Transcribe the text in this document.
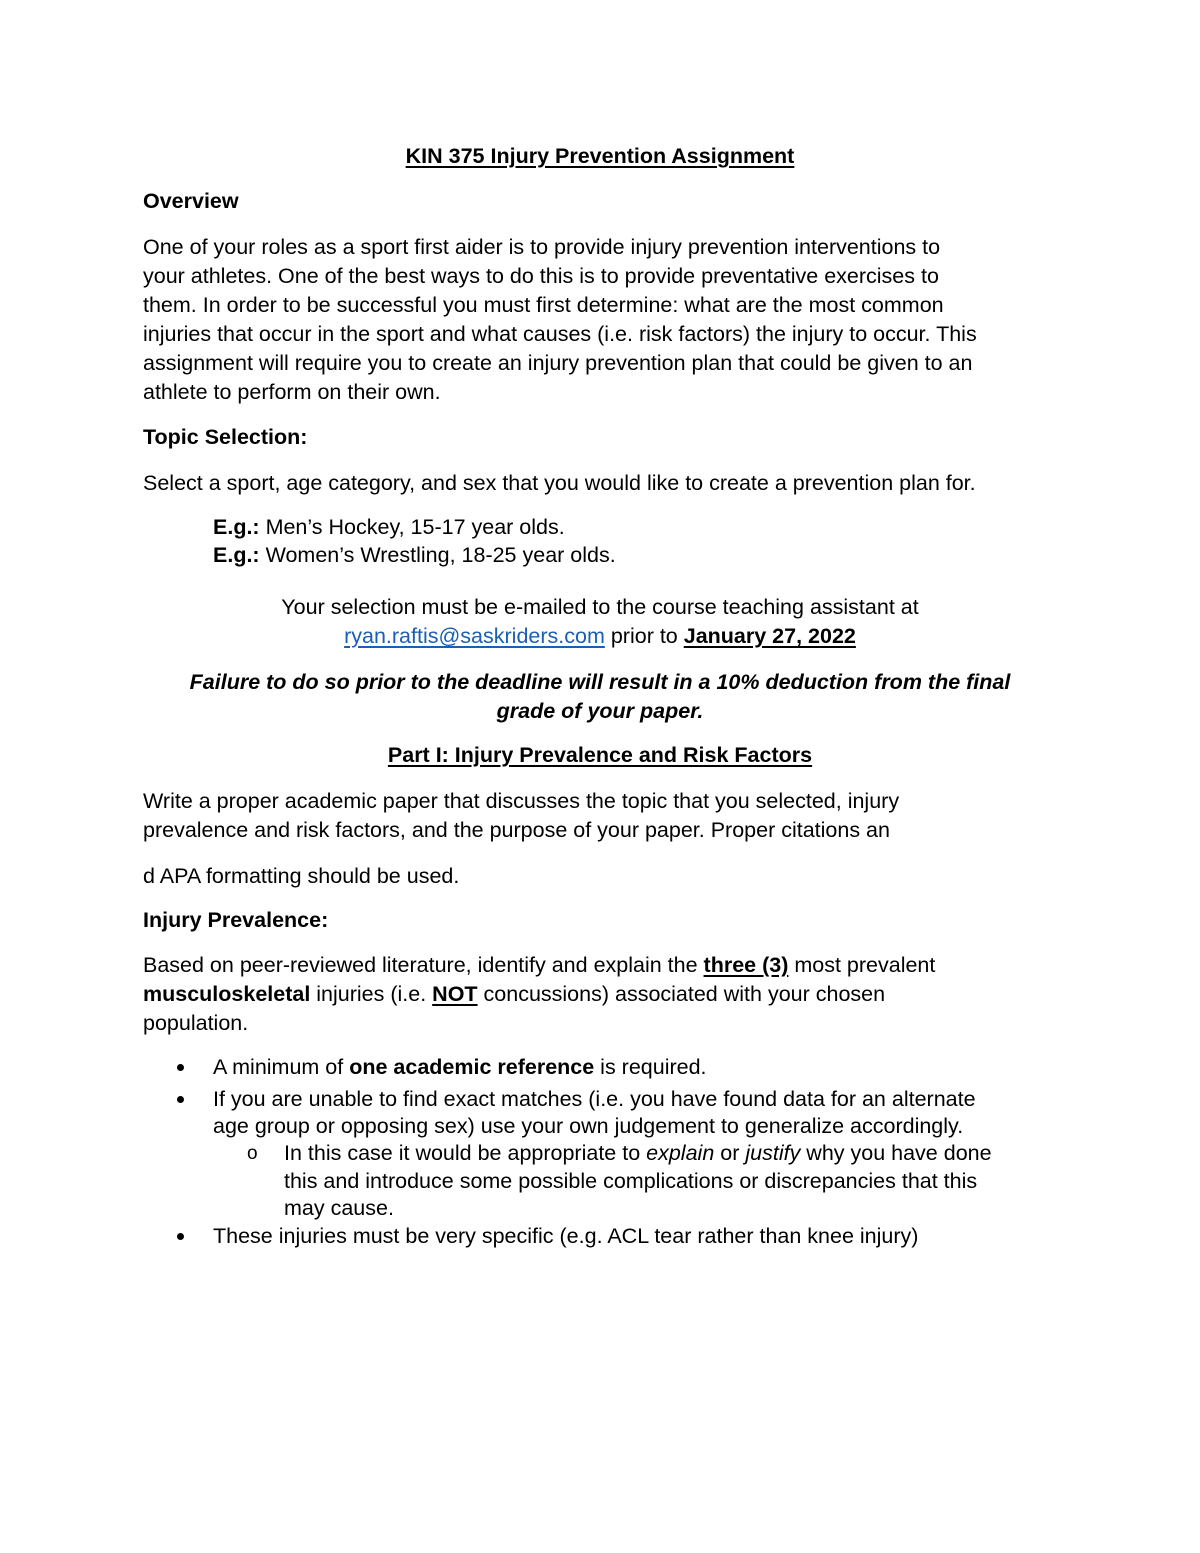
KIN 375 Injury Prevention Assignment
Overview
One of your roles as a sport first aider is to provide injury prevention interventions to
your athletes. One of the best ways to do this is to provide preventative exercises to
them. In order to be successful you must first determine: what are the most common
injuries that occur in the sport and what causes (i.e. risk factors) the injury to occur. This
assignment will require you to create an injury prevention plan that could be given to an
athlete to perform on their own.
Topic Selection:
Select a sport, age category, and sex that you would like to create a prevention plan for.
E.g.: Men’s Hockey, 15-17 year olds.
E.g.: Women’s Wrestling, 18-25 year olds.
Your selection must be e-mailed to the course teaching assistant at
ryan.raftis@saskriders.com prior to January 27, 2022
Failure to do so prior to the deadline will result in a 10% deduction from the final
grade of your paper.
Part I: Injury Prevalence and Risk Factors
Write a proper academic paper that discusses the topic that you selected, injury
prevalence and risk factors, and the purpose of your paper. Proper citations an
d APA formatting should be used.
Injury Prevalence:
Based on peer-reviewed literature, identify and explain the three (3) most prevalent
musculoskeletal injuries (i.e. NOT concussions) associated with your chosen
population.
A minimum of one academic reference is required.
If you are unable to find exact matches (i.e. you have found data for an alternate
age group or opposing sex) use your own judgement to generalize accordingly.
o In this case it would be appropriate to explain or justify why you have done
this and introduce some possible complications or discrepancies that this
may cause.
These injuries must be very specific (e.g. ACL tear rather than knee injury)
